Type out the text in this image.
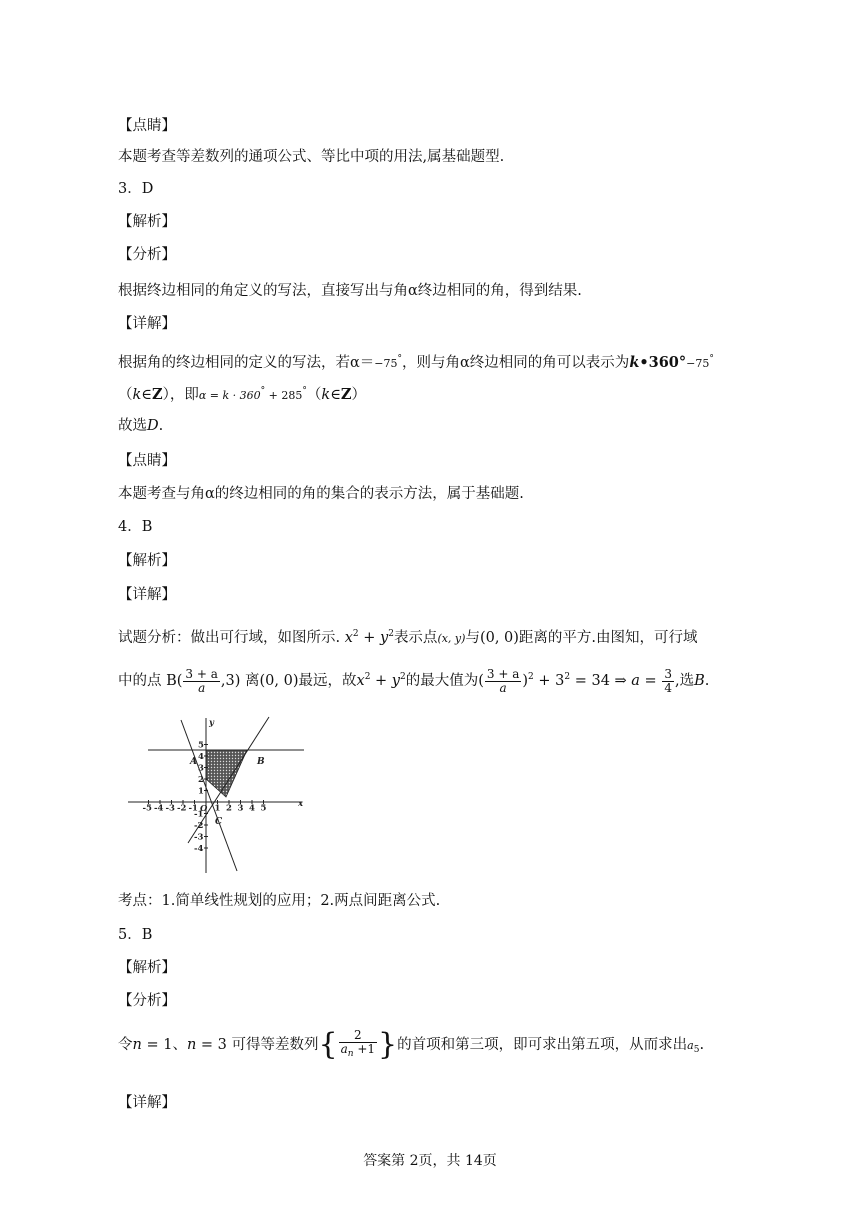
【点睛】
本题考查等差数列的通项公式、等比中项的用法,属基础题型.
3．D
【解析】
【分析】
根据终边相同的角定义的写法，直接写出与角α终边相同的角，得到结果.
【详解】
根据角的终边相同的定义的写法，若α＝−75°，则与角α终边相同的角可以表示为k•360°−75°
（k∈Z），即α = k · 360° + 285°（k∈Z）
故选D.
【点睛】
本题考查与角α的终边相同的角的集合的表示方法，属于基础题.
4．B
【解析】
【详解】
试题分析：做出可行域，如图所示. $x^2 + y^2$表示点(x, y)与(0, 0)距离的平方.由图知，可行域
中的点 $B( \frac{3 + a}{a} ,3)$ 离(0, 0)最远，故$x^2 + y^2$的最大值为( $\frac{3 + a}{a} )^2 + 3^2 = 34$ ⇒ $a = \frac{3}{4}$ ,选B.
-5 -4 -3 -2 -1 1 2 3 4 5
5
4
3
2
1
-1
-2
-3
-4
x
y
O
A	B
C
考点：1.简单线性规划的应用；2.两点间距离公式.
5．B
【解析】
【分析】
令n = 1、n = 3 可得等差数列{ $\frac{2}{a_n +1}$ }的首项和第三项，即可求出第五项，从而求出$a_5$.
【详解】
答案第 2页，共 14页
